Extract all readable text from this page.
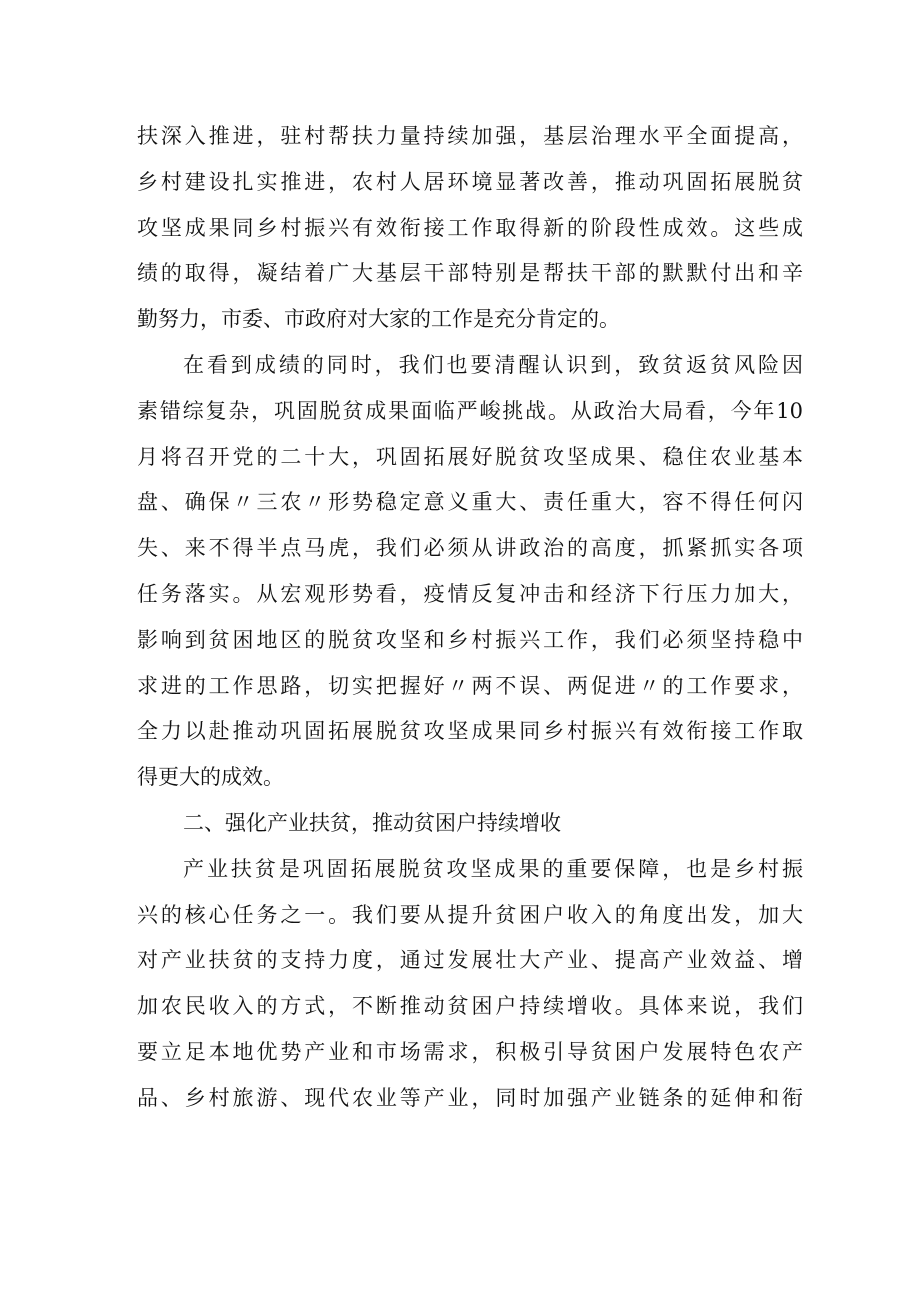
扶深入推进，驻村帮扶力量持续加强，基层治理水平全面提高，
乡村建设扎实推进，农村人居环境显著改善，推动巩固拓展脱贫
攻坚成果同乡村振兴有效衔接工作取得新的阶段性成效。这些成
绩的取得，凝结着广大基层干部特别是帮扶干部的默默付出和辛
勤努力，市委、市政府对大家的工作是充分肯定的。
在看到成绩的同时，我们也要清醒认识到，致贫返贫风险因
素错综复杂，巩固脱贫成果面临严峻挑战。从政治大局看，今年10
月将召开党的二十大，巩固拓展好脱贫攻坚成果、稳住农业基本
盘、确保〃三农〃形势稳定意义重大、责任重大，容不得任何闪
失、来不得半点马虎，我们必须从讲政治的高度，抓紧抓实各项
任务落实。从宏观形势看，疫情反复冲击和经济下行压力加大，
影响到贫困地区的脱贫攻坚和乡村振兴工作，我们必须坚持稳中
求进的工作思路，切实把握好〃两不误、两促进〃的工作要求，
全力以赴推动巩固拓展脱贫攻坚成果同乡村振兴有效衔接工作取
得更大的成效。
二、强化产业扶贫，推动贫困户持续增收
产业扶贫是巩固拓展脱贫攻坚成果的重要保障，也是乡村振
兴的核心任务之一。我们要从提升贫困户收入的角度出发，加大
对产业扶贫的支持力度，通过发展壮大产业、提高产业效益、增
加农民收入的方式，不断推动贫困户持续增收。具体来说，我们
要立足本地优势产业和市场需求，积极引导贫困户发展特色农产
品、乡村旅游、现代农业等产业，同时加强产业链条的延伸和衔
